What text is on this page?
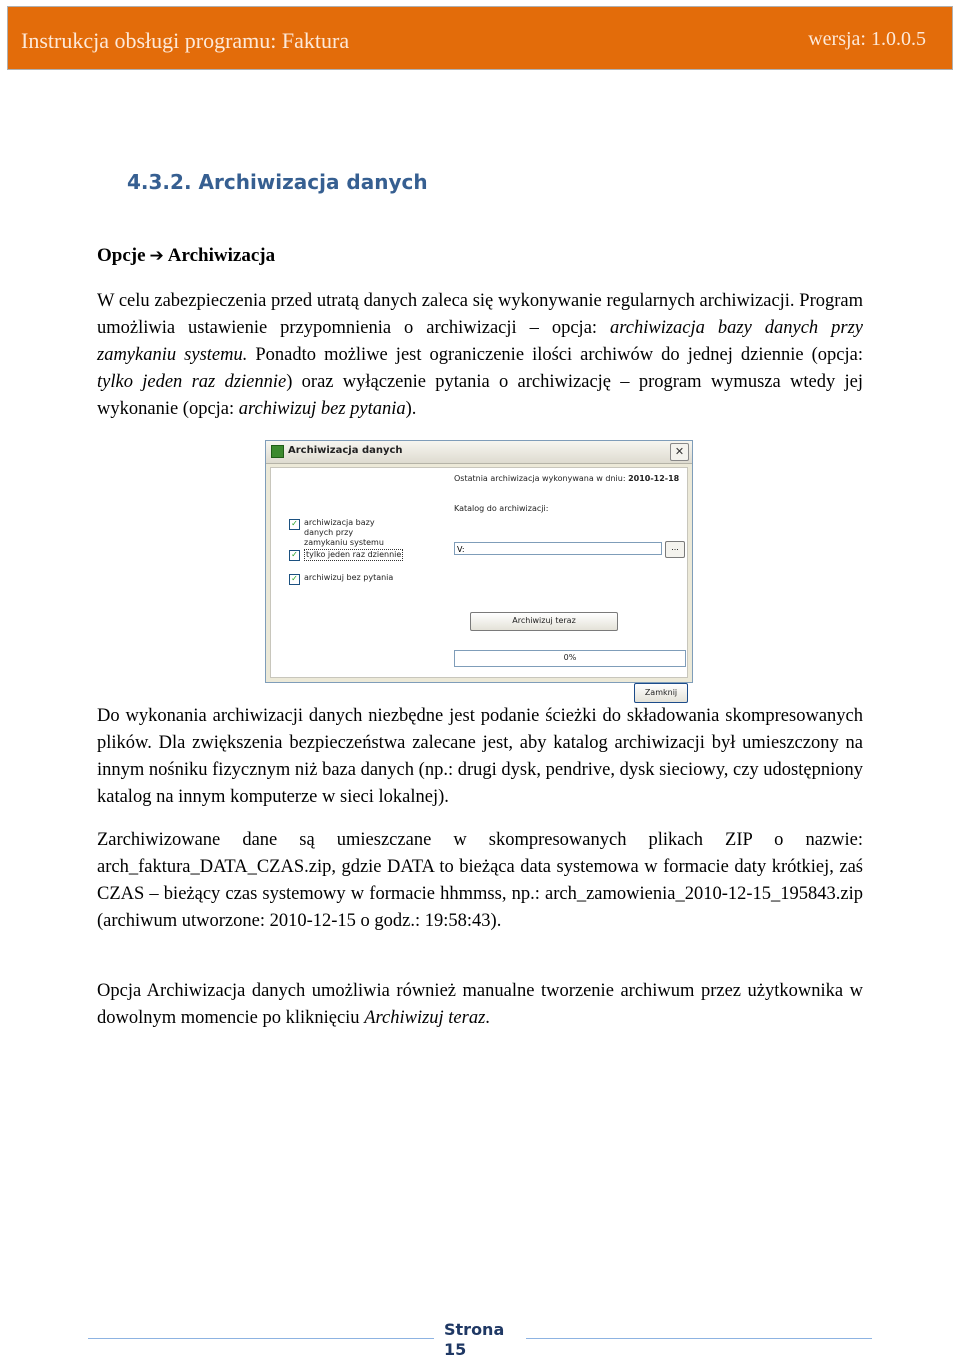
Instrukcja obsługi programu: Faktura	wersja: 1.0.0.5
4.3.2. Archiwizacja danych
Opcje ➔ Archiwizacja
W celu zabezpieczenia przed utratą danych zaleca się wykonywanie regularnych archiwizacji. Program umożliwia ustawienie przypomnienia o archiwizacji – opcja: archiwizacja bazy danych przy zamykaniu systemu. Ponadto możliwe jest ograniczenie ilości archiwów do jednej dziennie (opcja: tylko jeden raz dziennie) oraz wyłączenie pytania o archiwizację – program wymusza wtedy jej wykonanie (opcja: archiwizuj bez pytania).
Archiwizacja danych	✕
Ostatnia archiwizacja wykonywana w dniu: 2010-12-18
Katalog do archiwizacji:
V:	...
✓ archiwizacja bazy danych przy zamykaniu systemu
✓ tylko jeden raz dziennie
✓ archiwizuj bez pytania
Archiwizuj teraz
0%
Zamknij
Do wykonania archiwizacji danych niezbędne jest podanie ścieżki do składowania skompresowanych plików. Dla zwiększenia bezpieczeństwa zalecane jest, aby katalog archiwizacji był umieszczony na innym nośniku fizycznym niż baza danych (np.: drugi dysk, pendrive, dysk sieciowy, czy udostępniony katalog na innym komputerze w sieci lokalnej).
Zarchiwizowane dane są umieszczane w skompresowanych plikach ZIP o nazwie: arch_faktura_DATA_CZAS.zip, gdzie DATA to bieżąca data systemowa w formacie daty krótkiej, zaś CZAS – bieżący czas systemowy w formacie hhmmss, np.: arch_zamowienia_2010-12-15_195843.zip (archiwum utworzone: 2010-12-15 o godz.: 19:58:43).
Opcja Archiwizacja danych umożliwia również manualne tworzenie archiwum przez użytkownika w dowolnym momencie po kliknięciu Archiwizuj teraz.
Strona
15
